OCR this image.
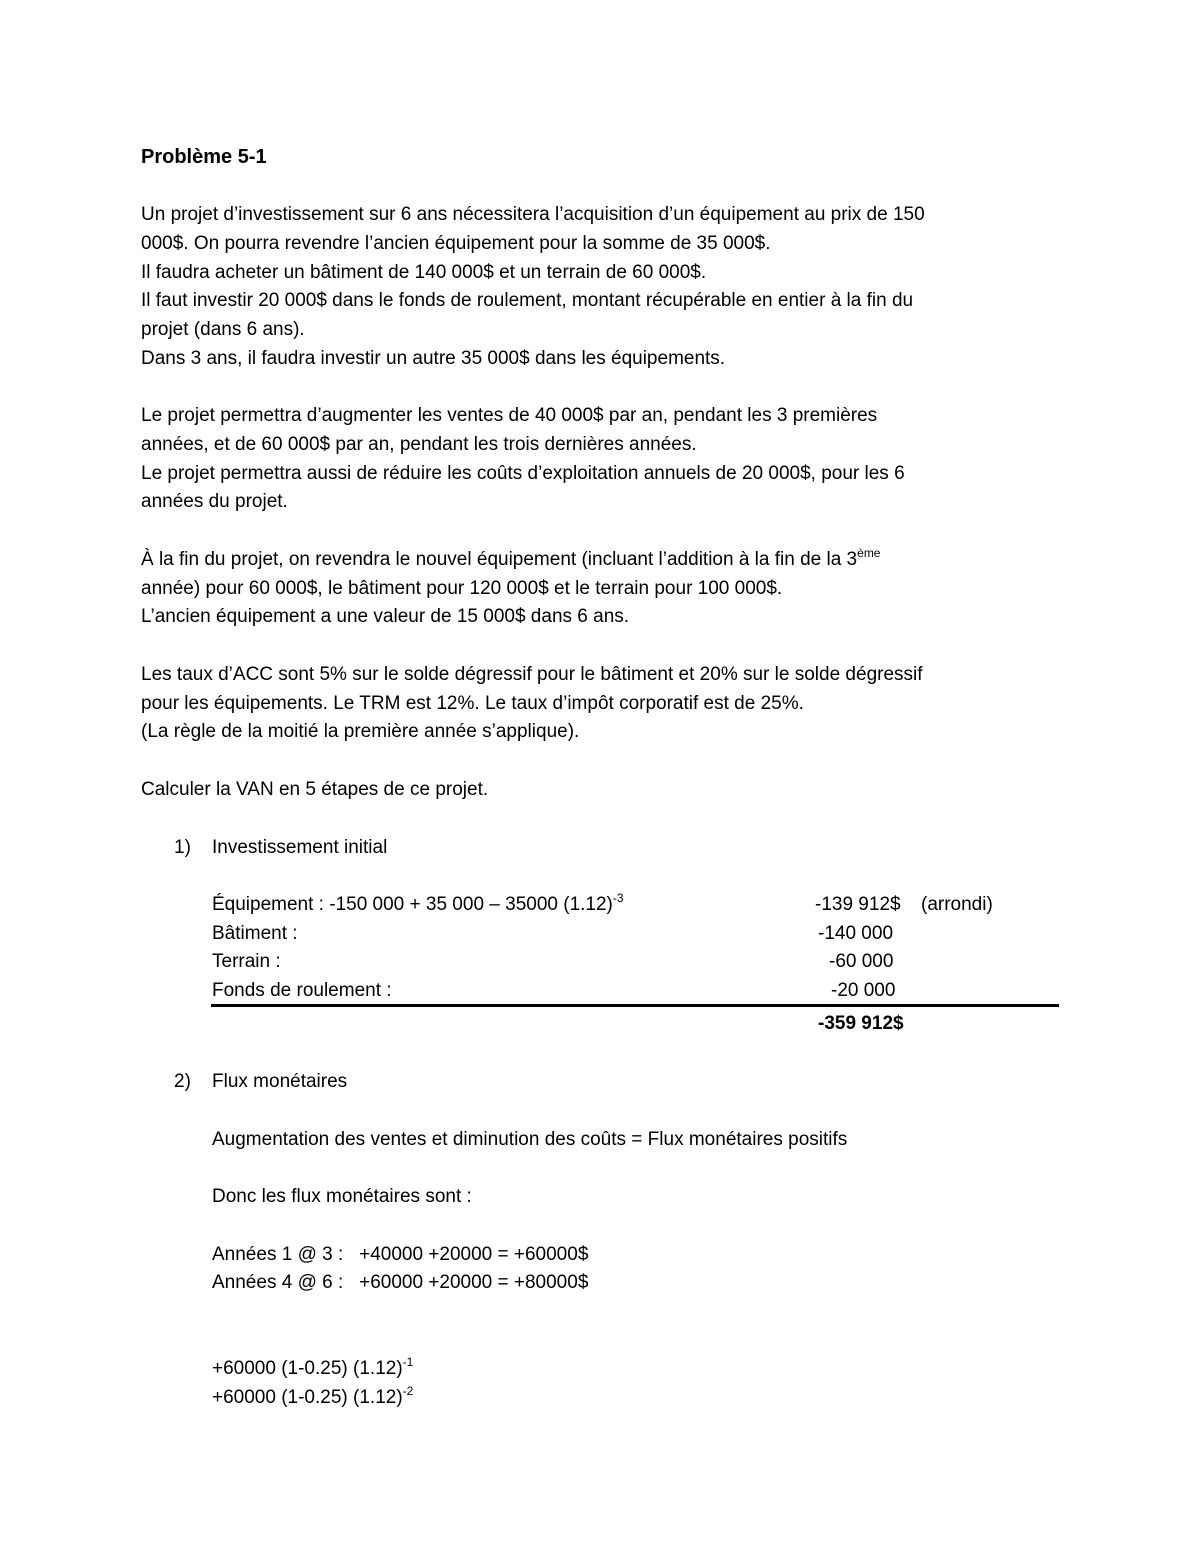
Problème 5-1
Un projet d’investissement sur 6 ans nécessitera l’acquisition d’un équipement au prix de 150
000$. On pourra revendre l’ancien équipement pour la somme de 35 000$.
Il faudra acheter un bâtiment de 140 000$ et un terrain de 60 000$.
Il faut investir 20 000$ dans le fonds de roulement, montant récupérable en entier à la fin du
projet (dans 6 ans).
Dans 3 ans, il faudra investir un autre 35 000$ dans les équipements.
Le projet permettra d’augmenter les ventes de 40 000$ par an, pendant les 3 premières
années, et de 60 000$ par an, pendant les trois dernières années.
Le projet permettra aussi de réduire les coûts d’exploitation annuels de 20 000$, pour les 6
années du projet.
À la fin du projet, on revendra le nouvel équipement (incluant l’addition à la fin de la 3ème
année) pour 60 000$, le bâtiment pour 120 000$ et le terrain pour 100 000$.
L’ancien équipement a une valeur de 15 000$ dans 6 ans.
Les taux d’ACC sont 5% sur le solde dégressif pour le bâtiment et 20% sur le solde dégressif
pour les équipements. Le TRM est 12%. Le taux d’impôt corporatif est de 25%.
(La règle de la moitié la première année s’applique).
Calculer la VAN en 5 étapes de ce projet.
1) Investissement initial
Équipement : -150 000 + 35 000 – 35000 $(1.12)^{-3}$	-139 912$ (arrondi)
Bâtiment :	-140 000
Terrain :	-60 000
Fonds de roulement :	-20 000
-359 912$
2) Flux monétaires
Augmentation des ventes et diminution des coûts = Flux monétaires positifs
Donc les flux monétaires sont :
Années 1 @ 3 :   +40000 +20000 = +60000$
Années 4 @ 6 :   +60000 +20000 = +80000$
+60000 (1-0.25) $(1.12)^{-1}$
+60000 (1-0.25) $(1.12)^{-2}$
